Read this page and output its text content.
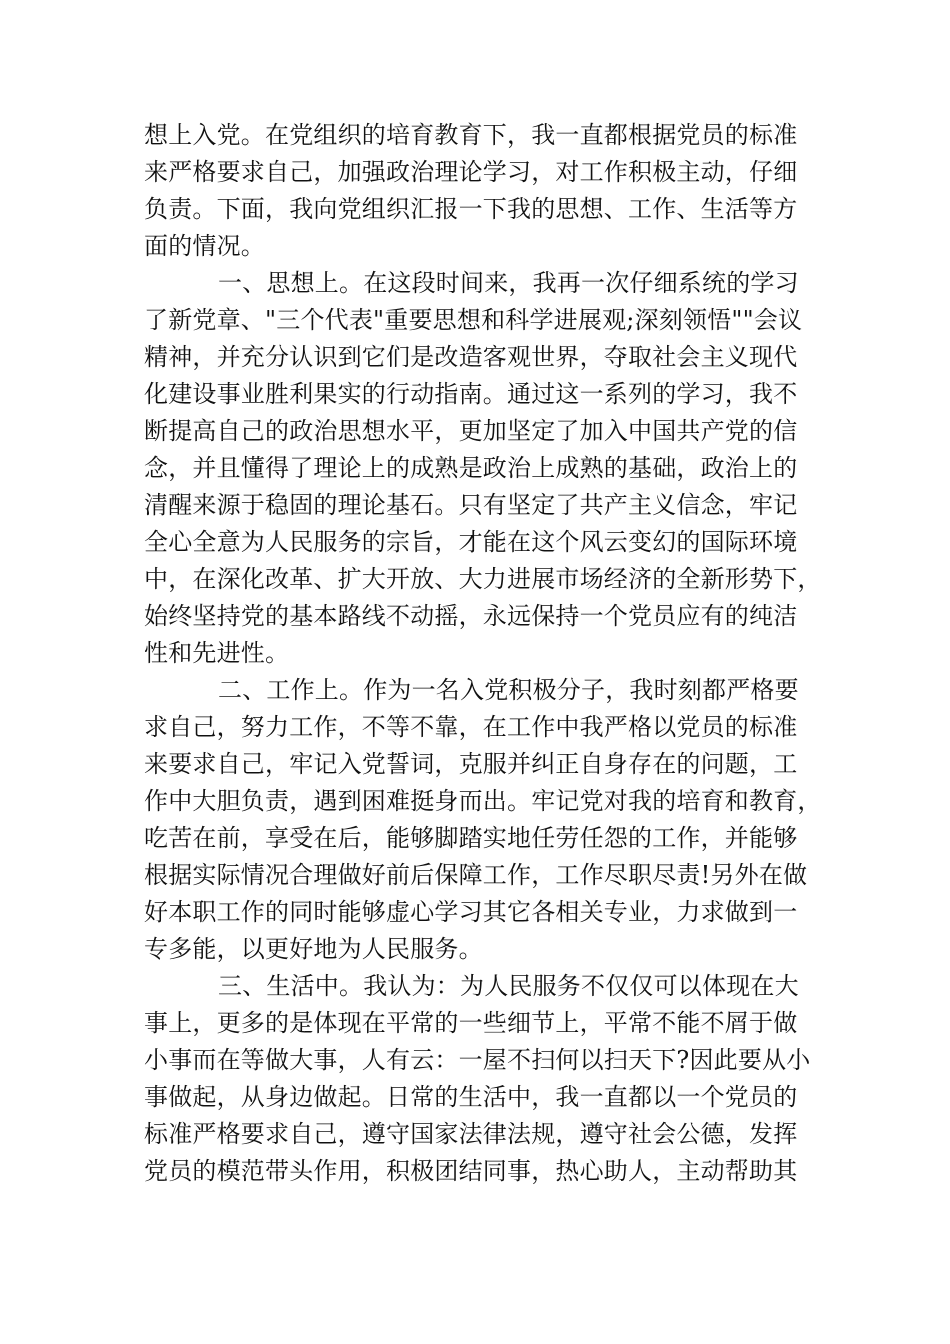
想上入党。在党组织的培育教育下，我一直都根据党员的标准
来严格要求自己，加强政治理论学习，对工作积极主动，仔细
负责。下面，我向党组织汇报一下我的思想、工作、生活等方
面的情况。
一、思想上。在这段时间来，我再一次仔细系统的学习
了新党章、"三个代表"重要思想和科学进展观;深刻领悟""会议
精神，并充分认识到它们是改造客观世界，夺取社会主义现代
化建设事业胜利果实的行动指南。通过这一系列的学习，我不
断提高自己的政治思想水平，更加坚定了加入中国共产党的信
念，并且懂得了理论上的成熟是政治上成熟的基础，政治上的
清醒来源于稳固的理论基石。只有坚定了共产主义信念，牢记
全心全意为人民服务的宗旨，才能在这个风云变幻的国际环境
中，在深化改革、扩大开放、大力进展市场经济的全新形势下，
始终坚持党的基本路线不动摇，永远保持一个党员应有的纯洁
性和先进性。
二、工作上。作为一名入党积极分子，我时刻都严格要
求自己，努力工作，不等不靠，在工作中我严格以党员的标准
来要求自己，牢记入党誓词，克服并纠正自身存在的问题，工
作中大胆负责，遇到困难挺身而出。牢记党对我的培育和教育，
吃苦在前，享受在后，能够脚踏实地任劳任怨的工作，并能够
根据实际情况合理做好前后保障工作，工作尽职尽责!另外在做
好本职工作的同时能够虚心学习其它各相关专业，力求做到一
专多能，以更好地为人民服务。
三、生活中。我认为：为人民服务不仅仅可以体现在大
事上，更多的是体现在平常的一些细节上，平常不能不屑于做
小事而在等做大事，人有云：一屋不扫何以扫天下?因此要从小
事做起，从身边做起。日常的生活中，我一直都以一个党员的
标准严格要求自己，遵守国家法律法规，遵守社会公德，发挥
党员的模范带头作用，积极团结同事，热心助人，主动帮助其
